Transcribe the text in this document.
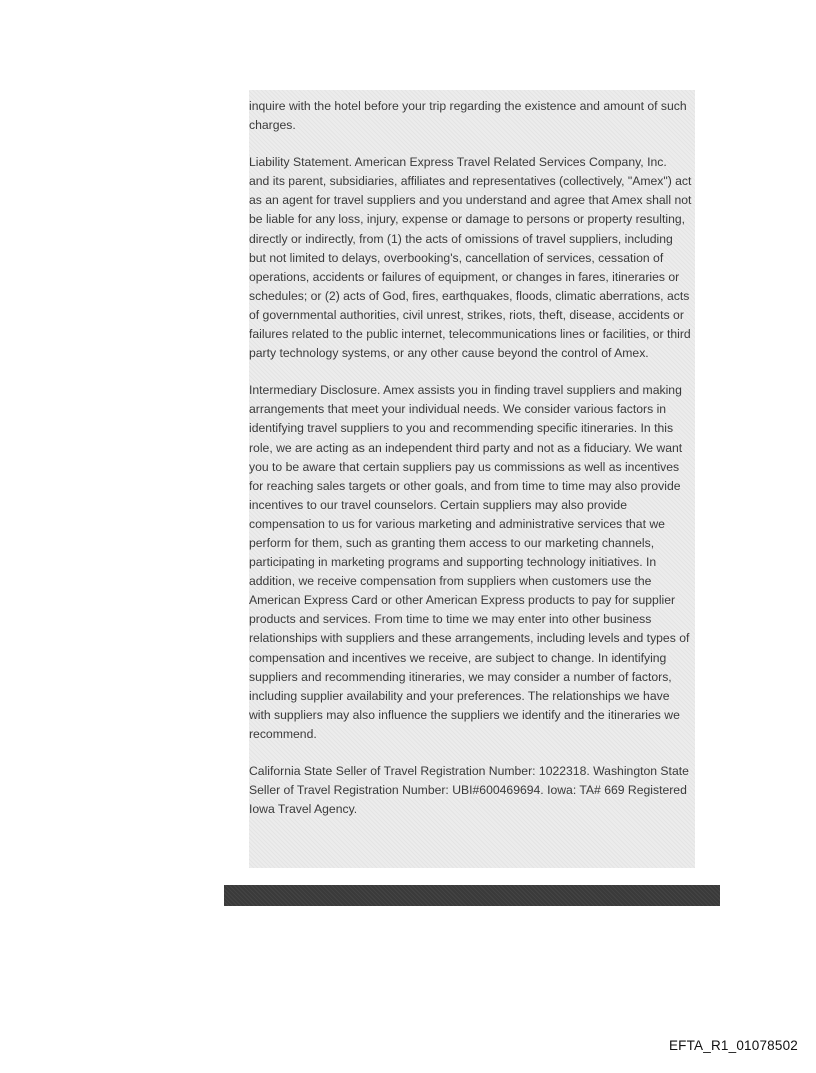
inquire with the hotel before your trip regarding the existence and amount of such
charges.
Liability Statement. American Express Travel Related Services Company, Inc.
and its parent, subsidiaries, affiliates and representatives (collectively, "Amex") act
as an agent for travel suppliers and you understand and agree that Amex shall not
be liable for any loss, injury, expense or damage to persons or property resulting,
directly or indirectly, from (1) the acts of omissions of travel suppliers, including
but not limited to delays, overbooking's, cancellation of services, cessation of
operations, accidents or failures of equipment, or changes in fares, itineraries or
schedules; or (2) acts of God, fires, earthquakes, floods, climatic aberrations, acts
of governmental authorities, civil unrest, strikes, riots, theft, disease, accidents or
failures related to the public internet, telecommunications lines or facilities, or third
party technology systems, or any other cause beyond the control of Amex.
Intermediary Disclosure. Amex assists you in finding travel suppliers and making
arrangements that meet your individual needs. We consider various factors in
identifying travel suppliers to you and recommending specific itineraries. In this
role, we are acting as an independent third party and not as a fiduciary. We want
you to be aware that certain suppliers pay us commissions as well as incentives
for reaching sales targets or other goals, and from time to time may also provide
incentives to our travel counselors. Certain suppliers may also provide
compensation to us for various marketing and administrative services that we
perform for them, such as granting them access to our marketing channels,
participating in marketing programs and supporting technology initiatives. In
addition, we receive compensation from suppliers when customers use the
American Express Card or other American Express products to pay for supplier
products and services. From time to time we may enter into other business
relationships with suppliers and these arrangements, including levels and types of
compensation and incentives we receive, are subject to change. In identifying
suppliers and recommending itineraries, we may consider a number of factors,
including supplier availability and your preferences. The relationships we have
with suppliers may also influence the suppliers we identify and the itineraries we
recommend.
California State Seller of Travel Registration Number: 1022318. Washington State
Seller of Travel Registration Number: UBI#600469694. Iowa: TA# 669 Registered
Iowa Travel Agency.
EFTA_R1_01078502
